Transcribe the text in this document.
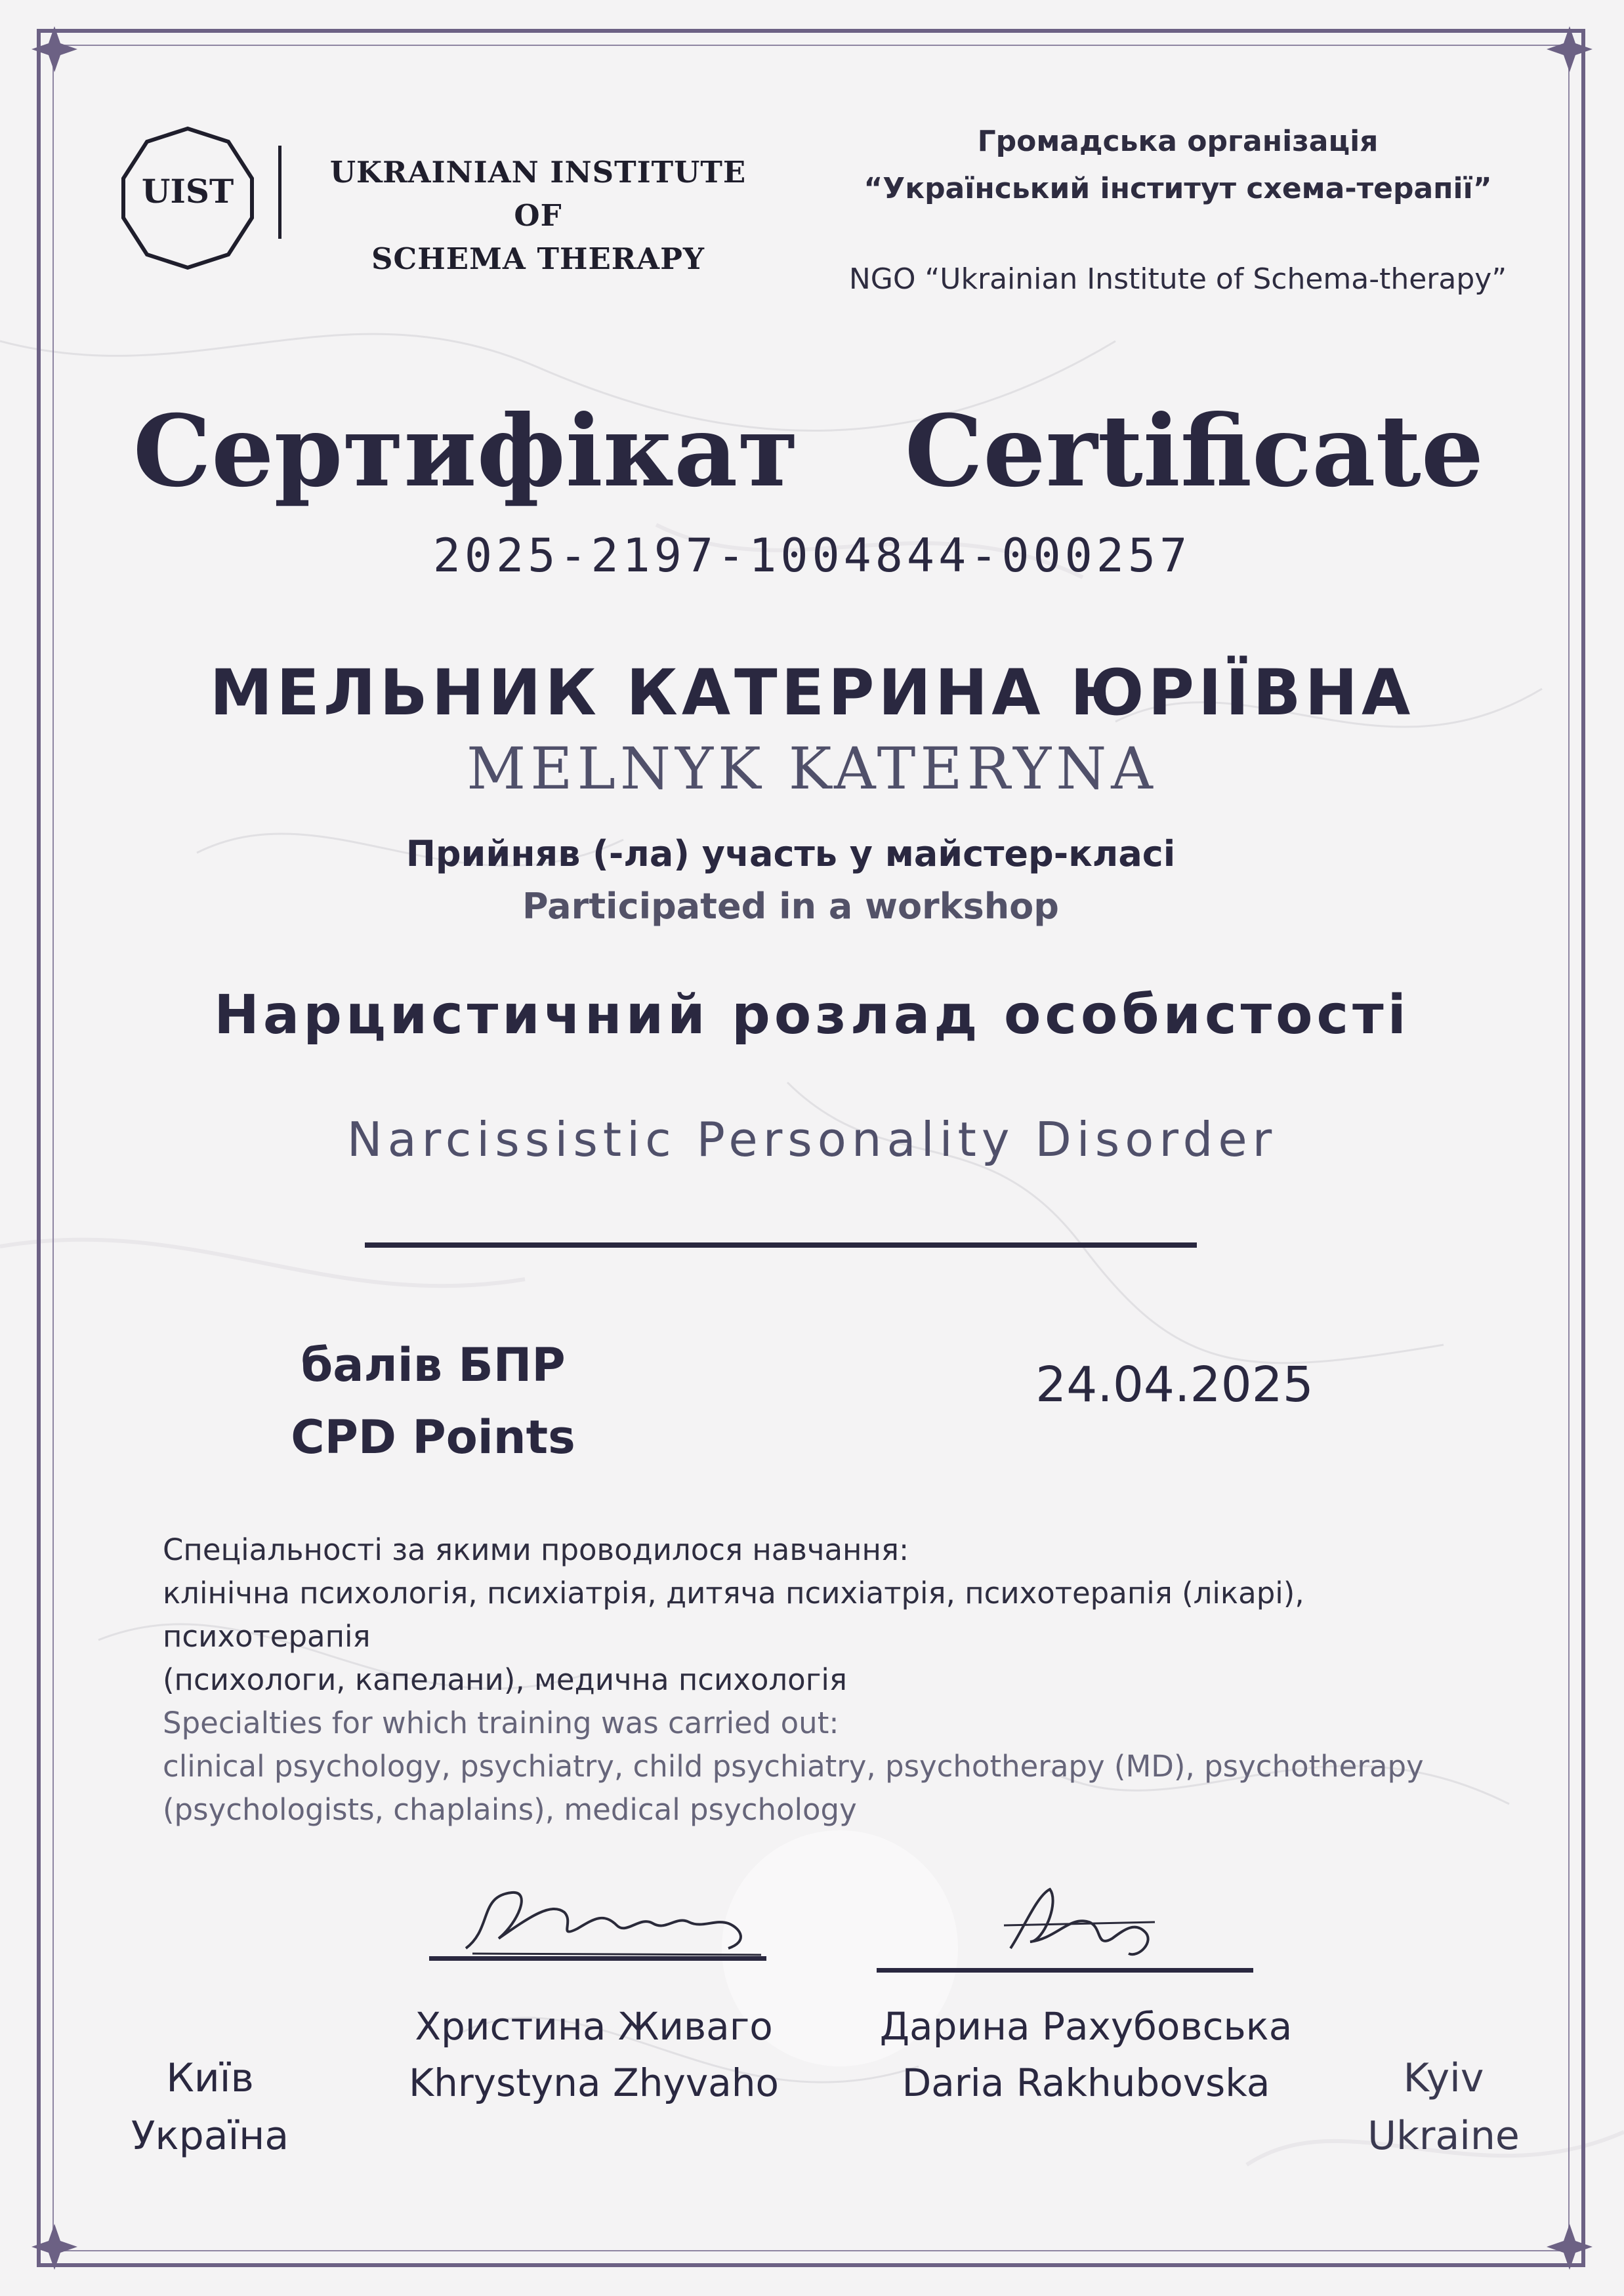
UIST	UKRAINIAN INSTITUTE OF
SCHEMA THERAPY
Громадська організація
“Український інститут схема-терапії”
NGO “Ukrainian Institute of Schema-therapy”
Сертифікат	Certificate
2025-2197-1004844-000257
МЕЛЬНИК КАТЕРИНА ЮРІЇВНА
MELNYK KATERYNA
Прийняв (-ла) участь у майстер-класі
Participated in a workshop
Нарцистичний розлад особистості
Narcissistic Personality Disorder
балів БПР
CPD Points
24.04.2025
Спеціальності за якими проводилося навчання:
клінічна психологія, психіатрія, дитяча психіатрія, психотерапія (лікарі), психотерапія
(психологи, капелани), медична психологія
Specialties for which training was carried out:
clinical psychology, psychiatry, child psychiatry, psychotherapy (MD), psychotherapy
(psychologists, chaplains), medical psychology
Христина Живаго
Khrystyna Zhyvaho
Дарина Рахубовська
Daria Rakhubovska
Київ
Україна
Kyiv
Ukraine
